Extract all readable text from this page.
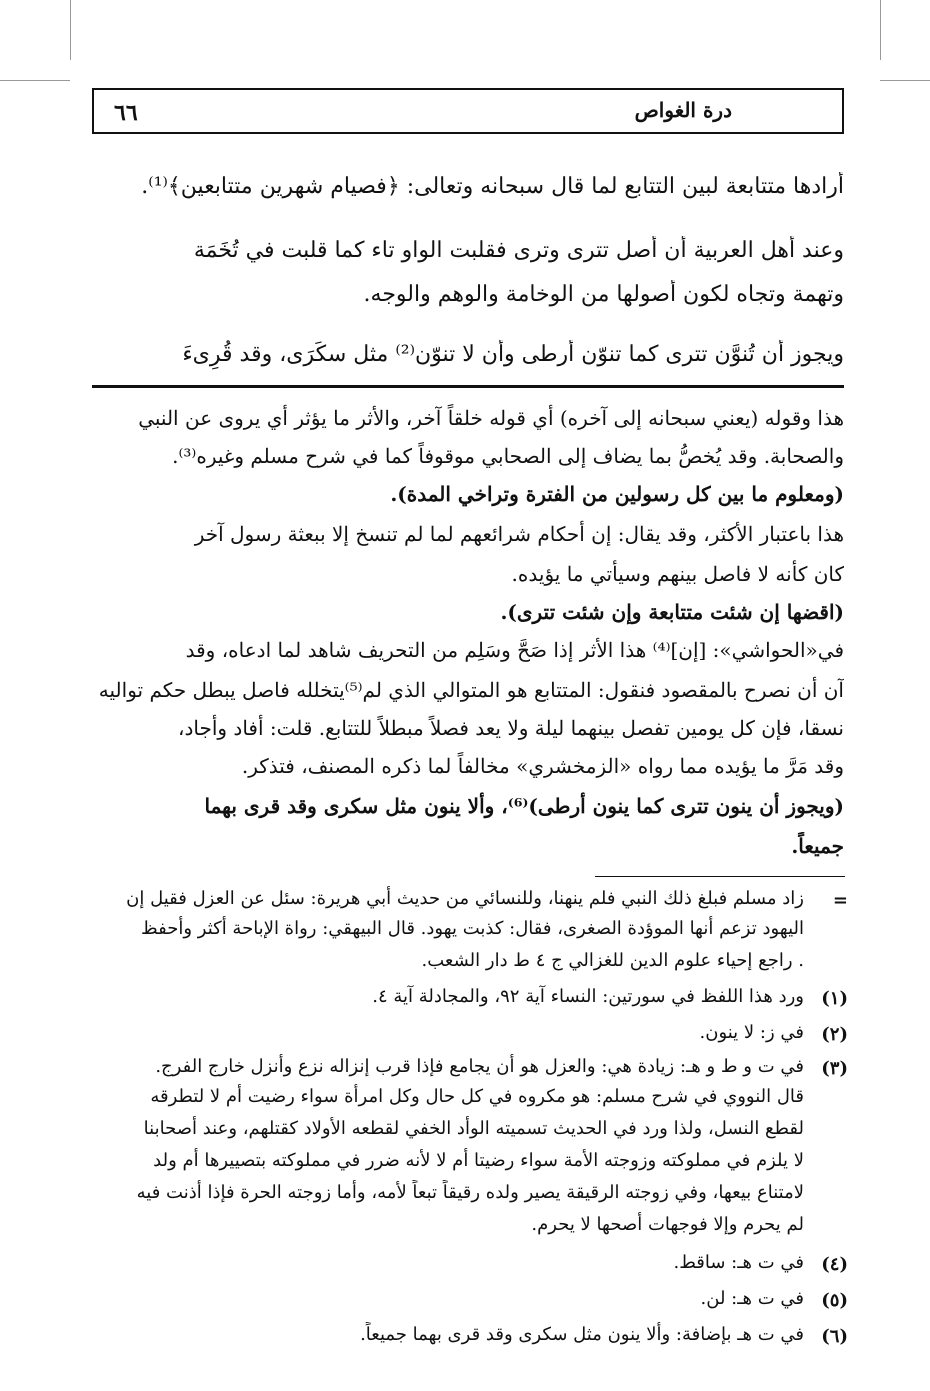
٦٦	درة الغواص
أرادها متتابعة لبين التتابع لما قال سبحانه وتعالى: ﴿فصيام شهرين متتابعين﴾⁽¹⁾.
وعند أهل العربية أن أصل تترى وترى فقلبت الواو تاء كما قلبت في تُخَمَة
وتهمة وتجاه لكون أصولها من الوخامة والوهم والوجه.
ويجوز أن تُنوَّن تترى كما تنوّن أرطى وأن لا تنوّن⁽²⁾ مثل سكَرَى، وقد قُرِىءَ
هذا وقوله (يعني سبحانه إلى آخره) أي قوله خلقاً آخر، والأثر ما يؤثر أي يروى عن النبي
والصحابة. وقد يُخصُّ بما يضاف إلى الصحابي موقوفاً كما في شرح مسلم وغيره⁽³⁾.
(ومعلوم ما بين كل رسولين من الفترة وتراخي المدة).
هذا باعتبار الأكثر، وقد يقال: إن أحكام شرائعهم لما لم تنسخ إلا ببعثة رسول آخر
كان كأنه لا فاصل بينهم وسيأتي ما يؤيده.
(اقضها إن شئت متتابعة وإن شئت تترى).
في«الحواشي»: [إن]⁽⁴⁾ هذا الأثر إذا صَحَّ وسَلِم من التحريف شاهد لما ادعاه، وقد
آن أن نصرح بالمقصود فنقول: المتتابع هو المتوالي الذي لم⁽⁵⁾يتخلله فاصل يبطل حكم تواليه
نسقا، فإن كل يومين تفصل بينهما ليلة ولا يعد فصلاً مبطلاً للتتابع. قلت: أفاد وأجاد،
وقد مَرَّ ما يؤيده مما رواه «الزمخشري» مخالفاً لما ذكره المصنف، فتذكر.
(ويجوز أن ينون تترى كما ينون أرطى)⁽⁶⁾، وألا ينون مثل سكرى وقد قرى بهما
جميعاً.
=
زاد مسلم فبلغ ذلك النبي فلم ينهنا، وللنسائي من حديث أبي هريرة: سئل عن العزل فقيل إن
اليهود تزعم أنها الموؤدة الصغرى، فقال: كذبت يهود. قال البيهقي: رواة الإباحة أكثر وأحفظ
. راجع إحياء علوم الدين للغزالي ج ٤ ط دار الشعب.
(١)
ورد هذا اللفظ في سورتين: النساء آية ٩٢، والمجادلة آية ٤.
(٢)
في ز: لا ينون.
(٣)
في ت و ط و هـ: زيادة هي: والعزل هو أن يجامع فإذا قرب إنزاله نزع وأنزل خارج الفرج.
قال النووي في شرح مسلم: هو مكروه في كل حال وكل امرأة سواء رضيت أم لا لتطرقه
لقطع النسل، ولذا ورد في الحديث تسميته الوأد الخفي لقطعه الأولاد كقتلهم، وعند أصحابنا
لا يلزم في مملوكته وزوجته الأمة سواء رضيتا أم لا لأنه ضرر في مملوكته بتصييرها أم ولد
لامتناع بيعها، وفي زوجته الرقيقة يصير ولده رقيقاً تبعاً لأمه، وأما زوجته الحرة فإذا أذنت فيه
لم يحرم وإلا فوجهات أصحها لا يحرم.
(٤)
في ت هـ: ساقط.
(٥)
في ت هـ: لن.
(٦)
في ت هـ بإضافة: وألا ينون مثل سكرى وقد قرى بهما جميعاً.
